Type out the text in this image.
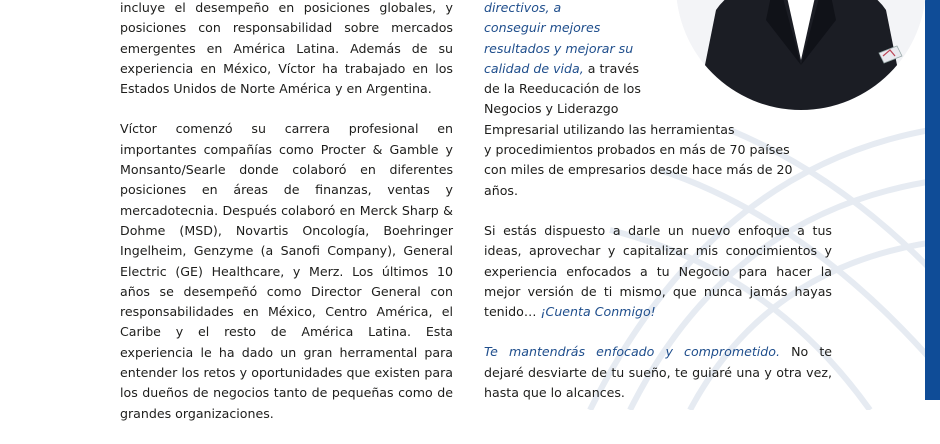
incluye el desempeño en posiciones globales, y posiciones con responsabilidad sobre mercados emergentes en América Latina. Además de su experiencia en México, Víctor ha trabajado en los Estados Unidos de Norte América y en Argentina.

Víctor comenzó su carrera profesional en importantes compañías como Procter & Gamble y Monsanto/Searle donde colaboró en diferentes posiciones en áreas de finanzas, ventas y mercadotecnia. Después colaboró en Merck Sharp & Dohme (MSD), Novartis Oncología, Boehringer Ingelheim, Genzyme (a Sanofi Company), General Electric (GE) Healthcare, y Merz. Los últimos 10 años se desempeñó como Director General con responsabilidades en México, Centro América, el Caribe y el resto de América Latina. Esta experiencia le ha dado un gran herramental para entender los retos y oportunidades que existen para los dueños de negocios tanto de pequeñas como de grandes organizaciones.

directivos, a
conseguir mejores
resultados y mejorar su
calidad de vida, a través
de la Reeducación de los
Negocios y Liderazgo
Empresarial utilizando las herramientas
y procedimientos probados en más de 70 países
con miles de empresarios desde hace más de 20
años.

Si estás dispuesto a darle un nuevo enfoque a tus ideas, aprovechar y capitalizar mis conocimientos y experiencia enfocados a tu Negocio para hacer la mejor versión de ti mismo, que nunca jamás hayas tenido… ¡Cuenta Conmigo!

Te mantendrás enfocado y comprometido. No te dejaré desviarte de tu sueño, te guiaré una y otra vez, hasta que lo alcances.
